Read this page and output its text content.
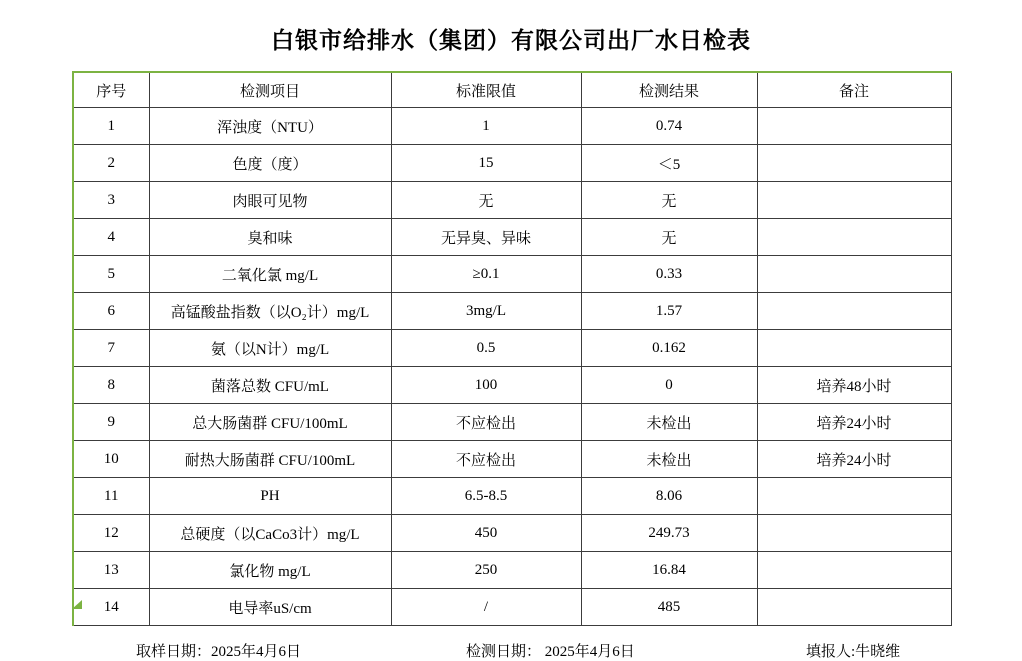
白银市给排水（集团）有限公司出厂水日检表
序号	检测项目	标准限值	检测结果	备注
1	浑浊度（NTU）	1	0.74	
2	色度（度）	15	＜5	
3	肉眼可见物	无	无	
4	臭和味	无异臭、异味	无	
5	二氧化氯 mg/L	≥0.1	0.33	
6	高锰酸盐指数（以O₂计）mg/L	3mg/L	1.57	
7	氨（以N计）mg/L	0.5	0.162	
8	菌落总数 CFU/mL	100	0	培养48小时
9	总大肠菌群 CFU/100mL	不应检出	未检出	培养24小时
10	耐热大肠菌群 CFU/100mL	不应检出	未检出	培养24小时
11	PH	6.5-8.5	8.06	
12	总硬度（以CaCo3计）mg/L	450	249.73	
13	氯化物 mg/L	250	16.84	
14	电导率uS/cm	/	485	
取样日期：2025年4月6日	检测日期： 2025年4月6日	填报人:牛晓维
